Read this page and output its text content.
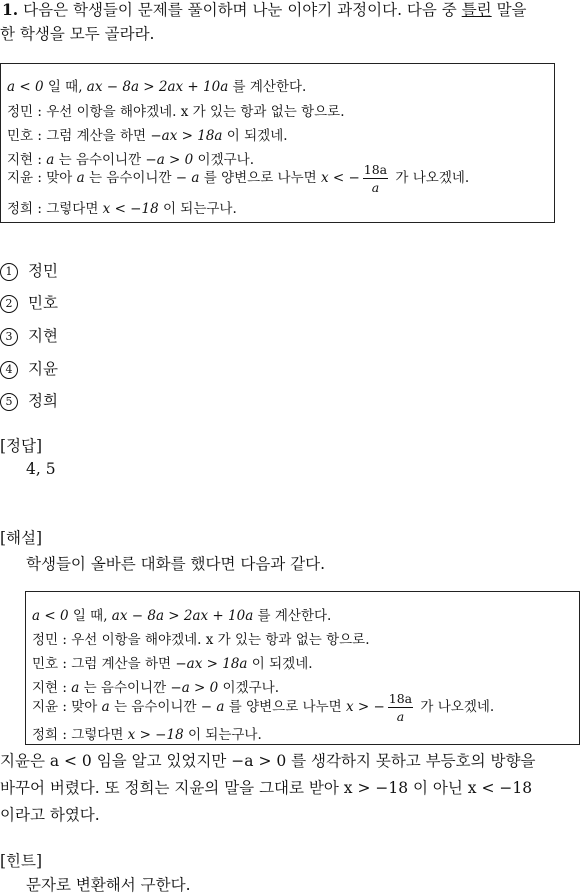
1. 다음은 학생들이 문제를 풀이하며 나눈 이야기 과정이다. 다음 중 틀린 말을
한 학생을 모두 골라라.
a < 0 일 때, ax − 8a > 2ax + 10a 를 계산한다.
정민 : 우선 이항을 해야겠네. x 가 있는 항과 없는 항으로.
민호 : 그럼 계산을 하면 −ax > 18a 이 되겠네.
지현 : a 는 음수이니깐 −a > 0 이겠구나.
지윤 : 맞아 a 는 음수이니깐 − a 를 양변으로 나누면 x < − $\frac{18a}{a}$ 가 나오겠네.
정희 : 그렇다면 x < −18 이 되는구나.
1 정민
2 민호
3 지현
4 지윤
5 정희
[정답]
4, 5
[해설]
학생들이 올바른 대화를 했다면 다음과 같다.
a < 0 일 때, ax − 8a > 2ax + 10a 를 계산한다.
정민 : 우선 이항을 해야겠네. x 가 있는 항과 없는 항으로.
민호 : 그럼 계산을 하면 −ax > 18a 이 되겠네.
지현 : a 는 음수이니깐 −a > 0 이겠구나.
지윤 : 맞아 a 는 음수이니깐 − a 를 양변으로 나누면 x > − $\frac{18a}{a}$ 가 나오겠네.
정희 : 그렇다면 x > −18 이 되는구나.
지윤은 a < 0 임을 알고 있었지만 −a > 0 를 생각하지 못하고 부등호의 방향을
바꾸어 버렸다. 또 정희는 지윤의 말을 그대로 받아 x > −18 이 아닌 x < −18
이라고 하였다.
[힌트]
문자로 변환해서 구한다.
